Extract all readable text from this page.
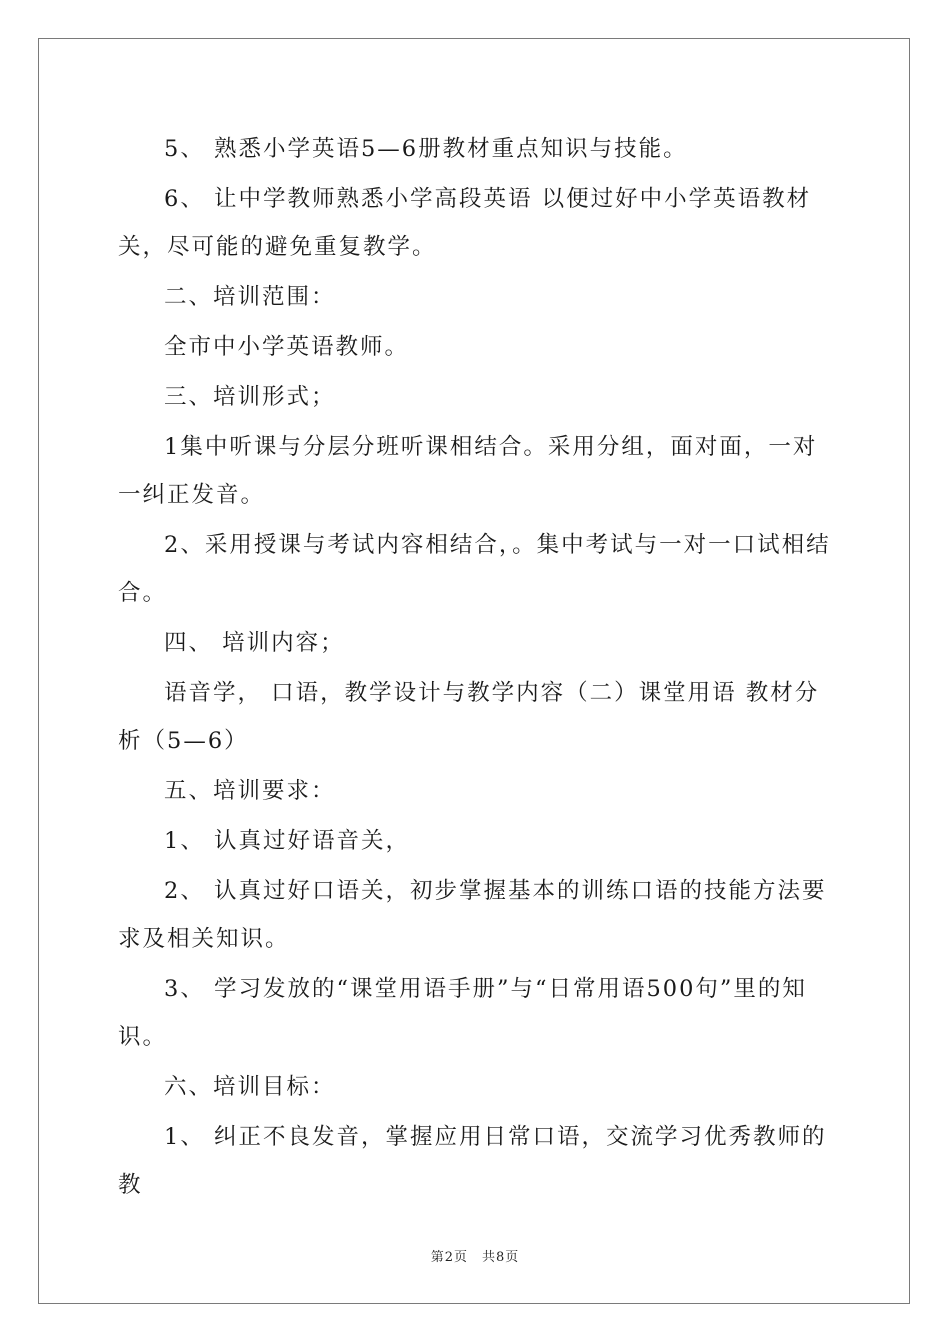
5、 熟悉小学英语5—6册教材重点知识与技能。

6、 让中学教师熟悉小学高段英语 以便过好中小学英语教材关，尽可能的避免重复教学。

二、培训范围：

全市中小学英语教师。

三、培训形式；

1集中听课与分层分班听课相结合。采用分组，面对面，一对一纠正发音。

2、采用授课与考试内容相结合，。集中考试与一对一口试相结合。

四、 培训内容；

语音学， 口语，教学设计与教学内容（二）课堂用语 教材分析（5—6）

五、培训要求：

1、 认真过好语音关，

2、 认真过好口语关，初步掌握基本的训练口语的技能方法要求及相关知识。

3、 学习发放的“课堂用语手册”与“日常用语500句”里的知识。

六、培训目标：

1、 纠正不良发音，掌握应用日常口语，交流学习优秀教师的教

第2页　共8页
